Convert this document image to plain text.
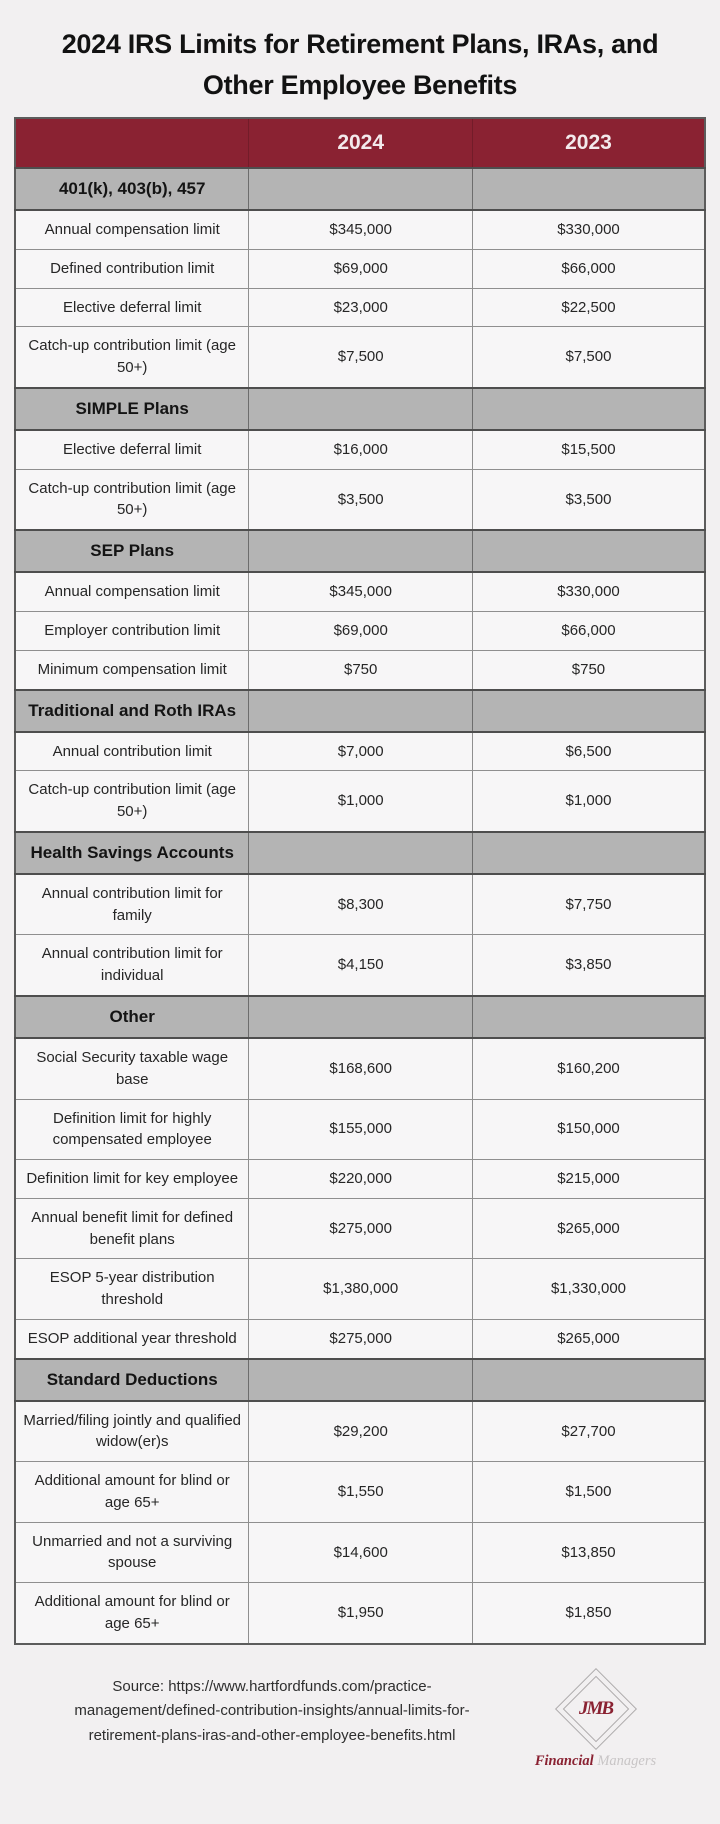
2024 IRS Limits for Retirement Plans, IRAs, and Other Employee Benefits
	2024	2023
401(k), 403(b), 457		
Annual compensation limit	$345,000	$330,000
Defined contribution limit	$69,000	$66,000
Elective deferral limit	$23,000	$22,500
Catch-up contribution limit (age 50+)	$7,500	$7,500
SIMPLE Plans		
Elective deferral limit	$16,000	$15,500
Catch-up contribution limit (age 50+)	$3,500	$3,500
SEP Plans		
Annual compensation limit	$345,000	$330,000
Employer contribution limit	$69,000	$66,000
Minimum compensation limit	$750	$750
Traditional and Roth IRAs		
Annual contribution limit	$7,000	$6,500
Catch-up contribution limit (age 50+)	$1,000	$1,000
Health Savings Accounts		
Annual contribution limit for family	$8,300	$7,750
Annual contribution limit for individual	$4,150	$3,850
Other		
Social Security taxable wage base	$168,600	$160,200
Definition limit for highly compensated employee	$155,000	$150,000
Definition limit for key employee	$220,000	$215,000
Annual benefit limit for defined benefit plans	$275,000	$265,000
ESOP 5-year distribution threshold	$1,380,000	$1,330,000
ESOP additional year threshold	$275,000	$265,000
Standard Deductions		
Married/filing jointly and qualified widow(er)s	$29,200	$27,700
Additional amount for blind or age 65+	$1,550	$1,500
Unmarried and not a surviving spouse	$14,600	$13,850
Additional amount for blind or age 65+	$1,950	$1,850

Source: https://www.hartfordfunds.com/practice-management/defined-contribution-insights/annual-limits-for-retirement-plans-iras-and-other-employee-benefits.html

JMB
Financial Managers
